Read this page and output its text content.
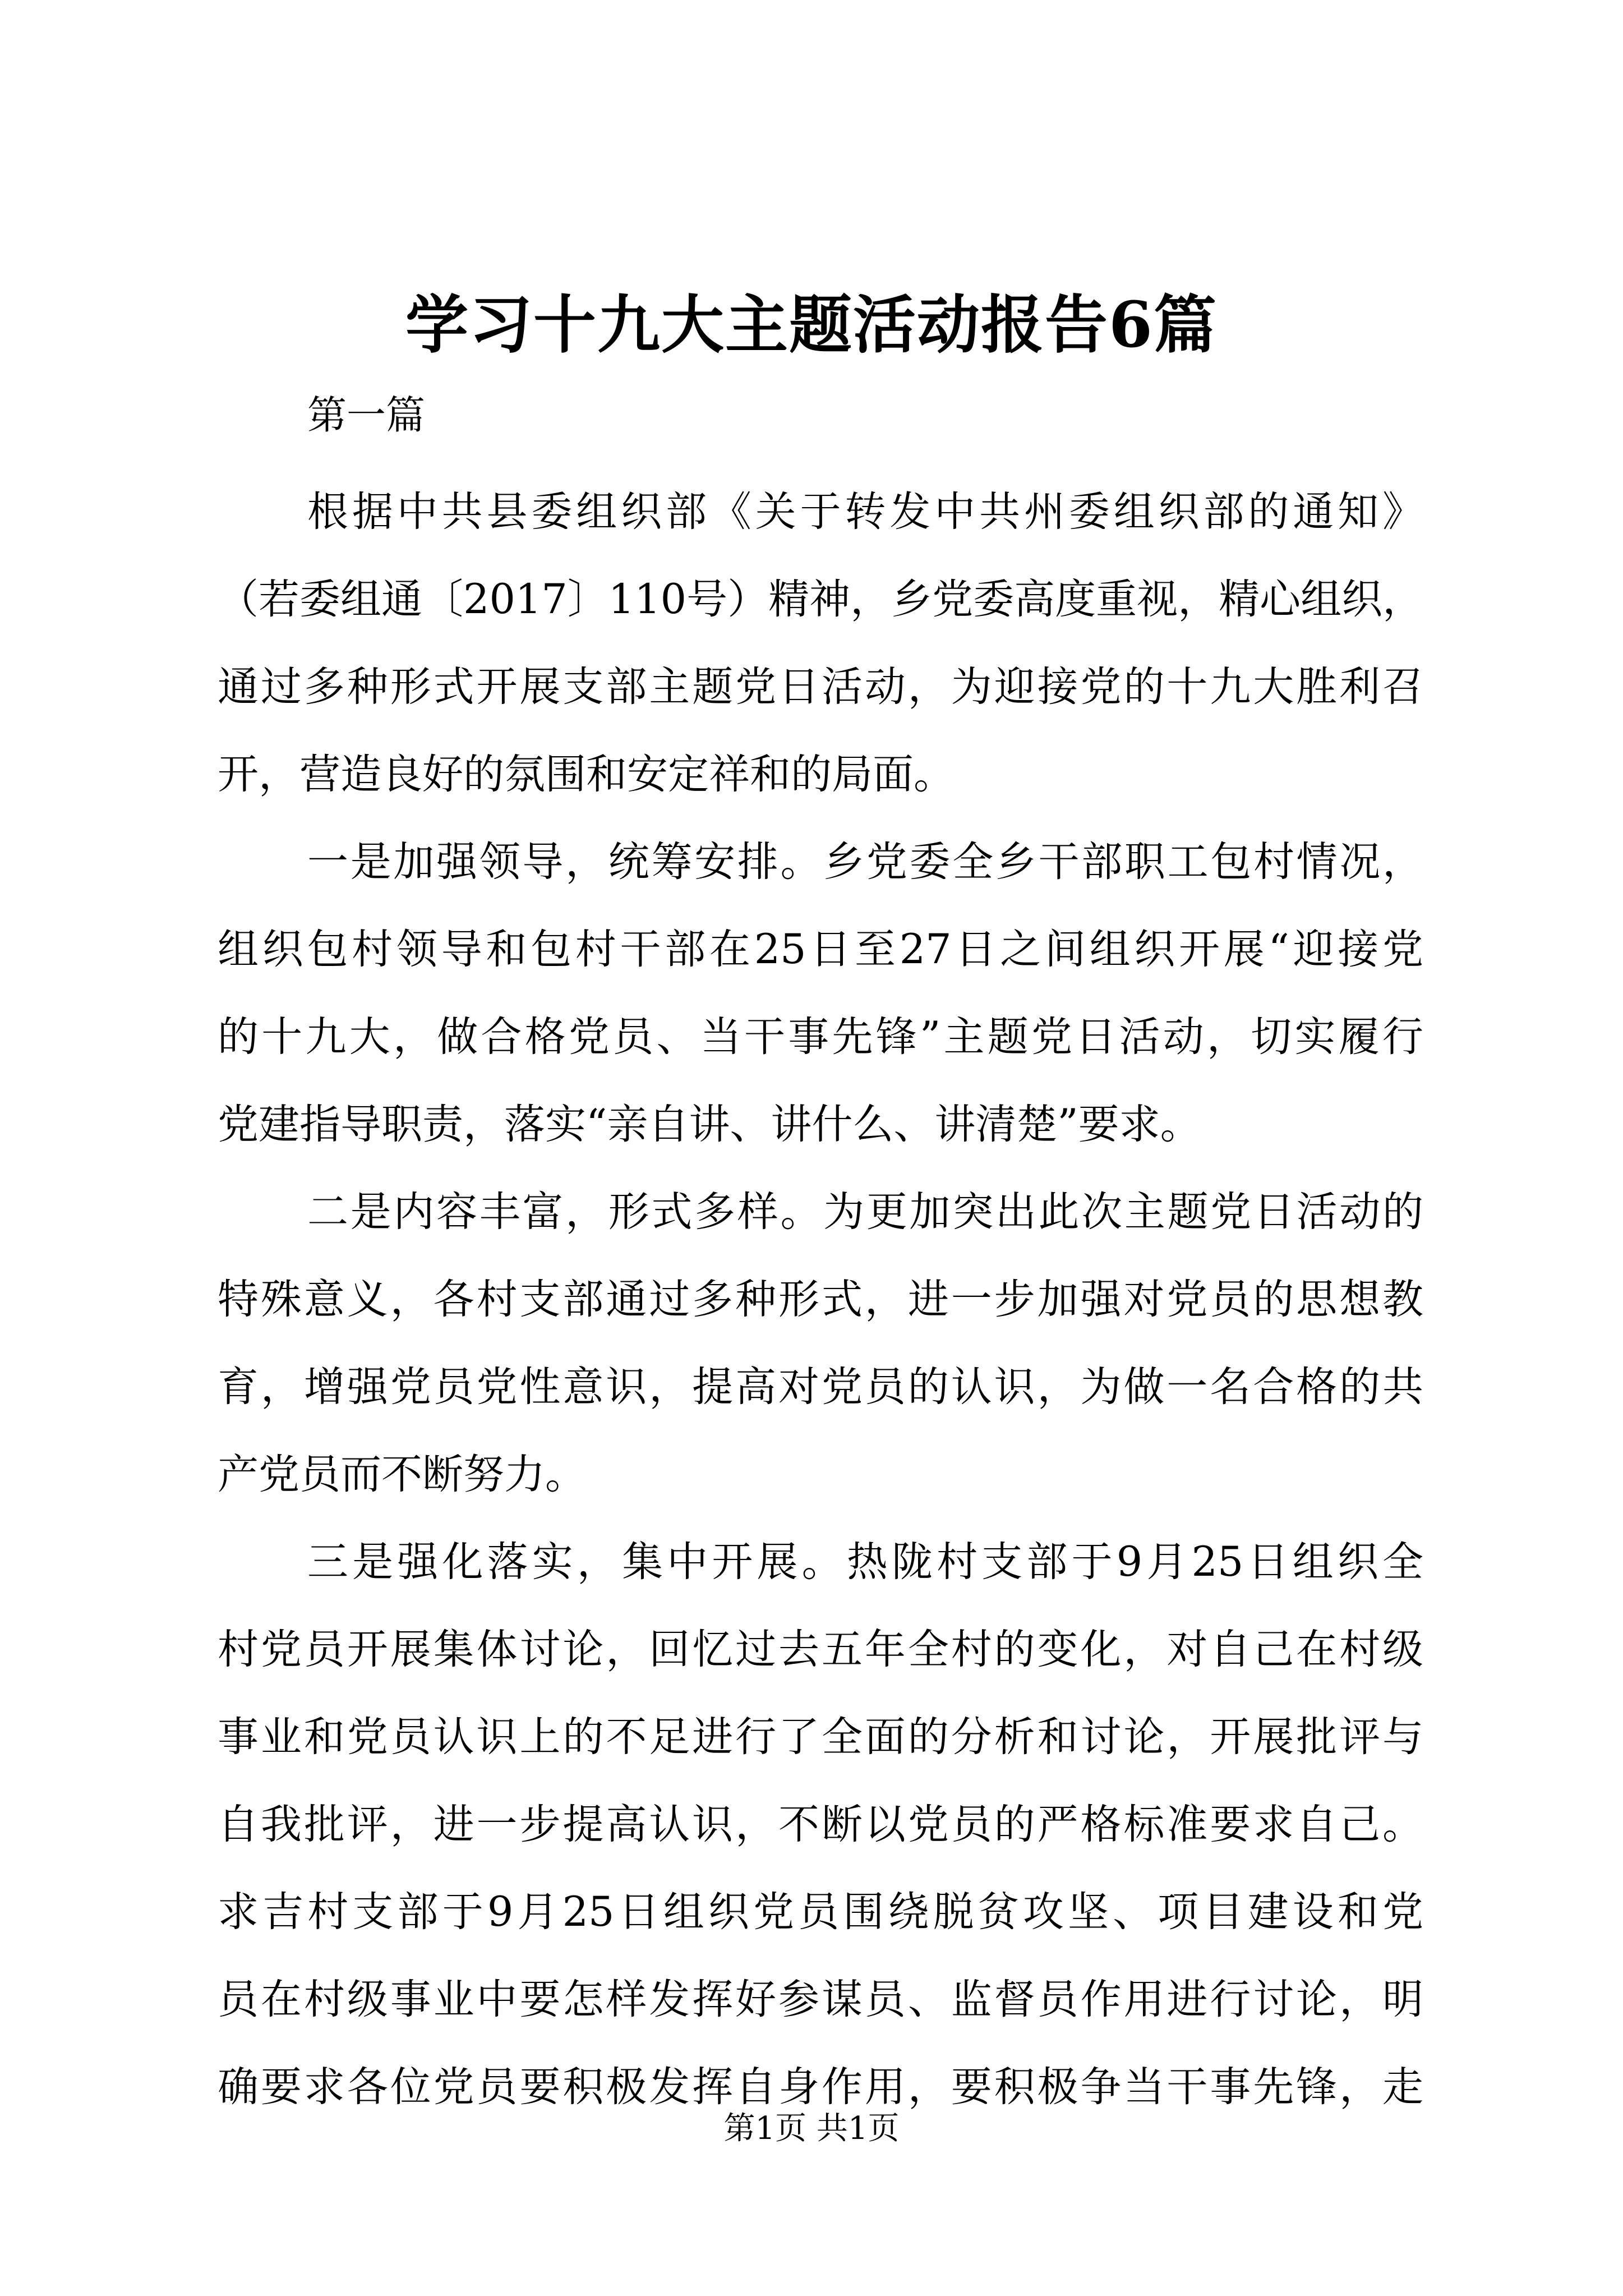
学习十九大主题活动报告6篇
第一篇
根据中共县委组织部《关于转发中共州委组织部的通知》
（若委组通〔2017〕110号）精神，乡党委高度重视，精心组织，
通过多种形式开展支部主题党日活动，为迎接党的十九大胜利召
开，营造良好的氛围和安定祥和的局面。
一是加强领导，统筹安排。乡党委全乡干部职工包村情况，
组织包村领导和包村干部在25日至27日之间组织开展“迎接党
的十九大，做合格党员、当干事先锋”主题党日活动，切实履行
党建指导职责，落实“亲自讲、讲什么、讲清楚”要求。
二是内容丰富，形式多样。为更加突出此次主题党日活动的
特殊意义，各村支部通过多种形式，进一步加强对党员的思想教
育，增强党员党性意识，提高对党员的认识，为做一名合格的共
产党员而不断努力。
三是强化落实，集中开展。热陇村支部于9月25日组织全
村党员开展集体讨论，回忆过去五年全村的变化，对自己在村级
事业和党员认识上的不足进行了全面的分析和讨论，开展批评与
自我批评，进一步提高认识，不断以党员的严格标准要求自己。
求吉村支部于9月25日组织党员围绕脱贫攻坚、项目建设和党
员在村级事业中要怎样发挥好参谋员、监督员作用进行讨论，明
确要求各位党员要积极发挥自身作用，要积极争当干事先锋，走
第1页 共1页
